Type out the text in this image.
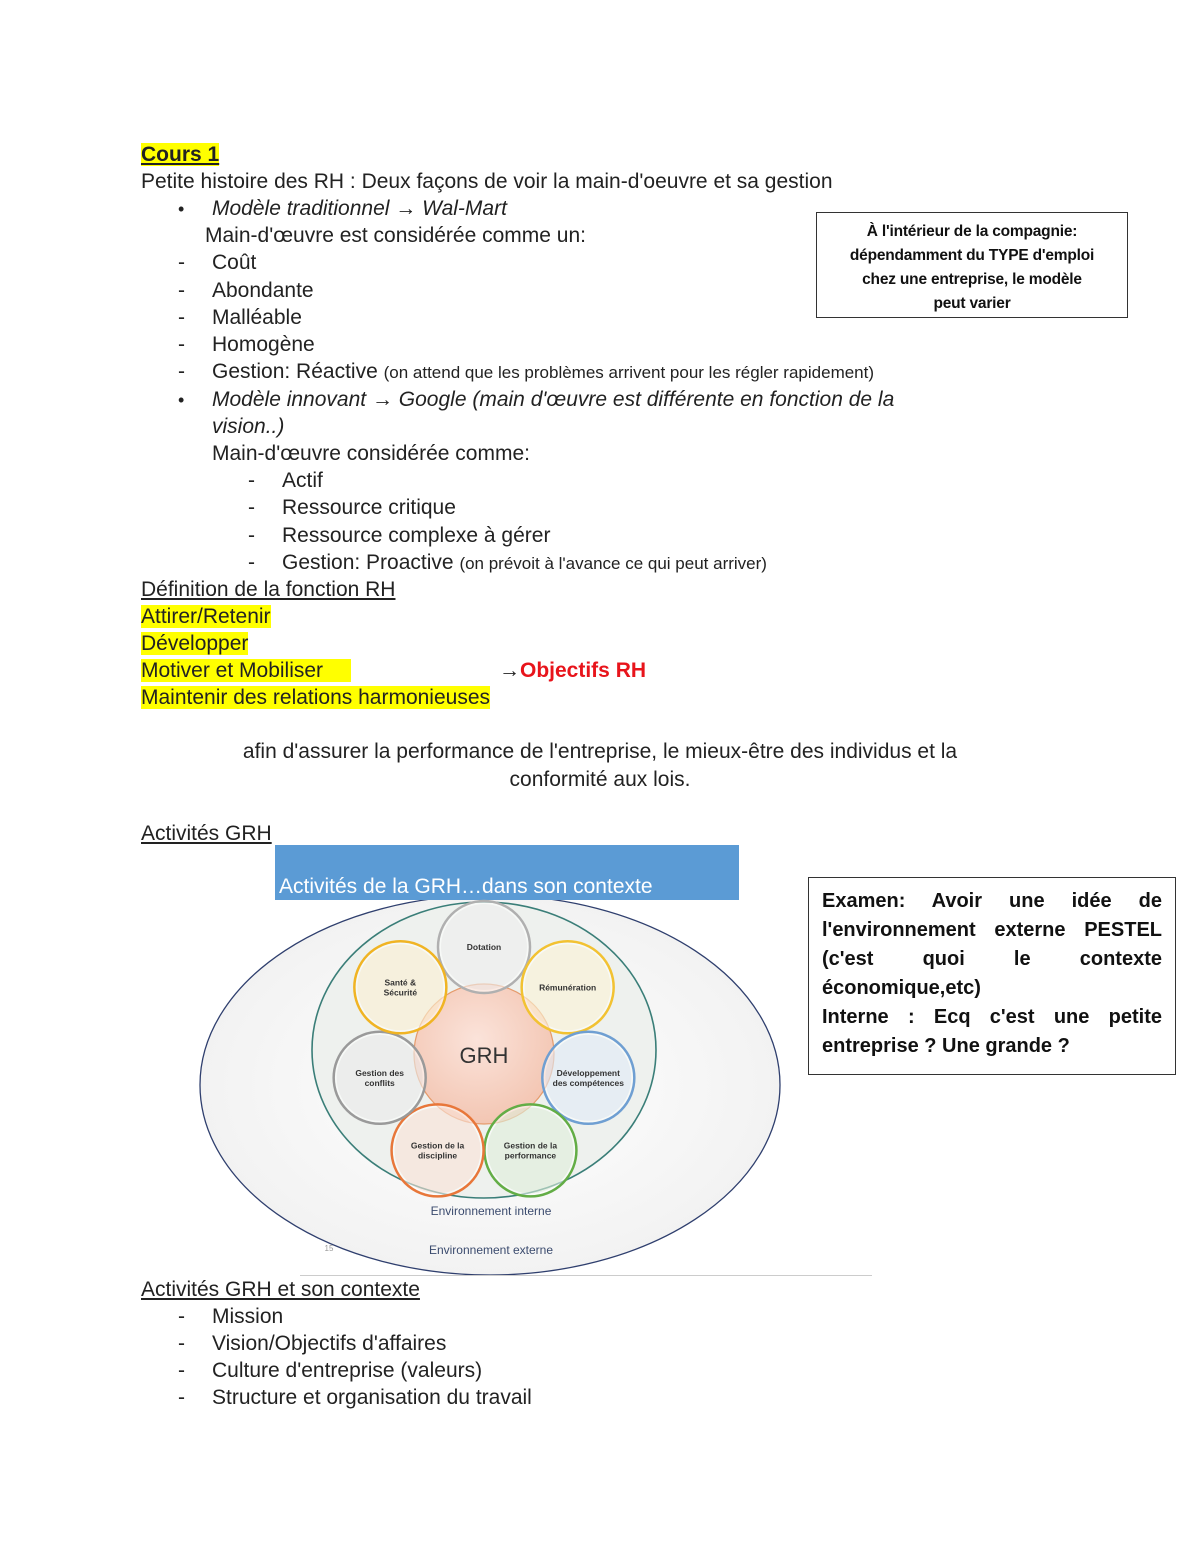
Cours 1
Petite histoire des RH : Deux façons de voir la main-d'oeuvre et sa gestion
• Modèle traditionnel → Wal-Mart
Main-d'œuvre est considérée comme un:
- Coût
- Abondante
- Malléable
- Homogène
- Gestion: Réactive (on attend que les problèmes arrivent pour les régler rapidement)
• Modèle innovant → Google (main d'œuvre est différente en fonction de la
vision..)
Main-d'œuvre considérée comme:
- Actif
- Ressource critique
- Ressource complexe à gérer
- Gestion: Proactive (on prévoit à l'avance ce qui peut arriver)
À l'intérieur de la compagnie:
dépendamment du TYPE d'emploi
chez une entreprise, le modèle
peut varier
Définition de la fonction RH
Attirer/Retenir
Développer
Motiver et Mobiliser	→Objectifs RH
Maintenir des relations harmonieuses
afin d'assurer la performance de l'entreprise, le mieux-être des individus et la
conformité aux lois.
Activités GRH
Activités de la GRH…dans son contexte
Dotation
Rémunération
Développement
des compétences
Gestion de la
performance
Gestion de la
discipline
Gestion des
conflits
Santé &
Sécurité
GRH
Environnement interne
Environnement externe
15
Examen: Avoir une idée de
l'environnement externe PESTEL
(c'est quoi le contexte
économique,etc)
Interne : Ecq c'est une petite
entreprise ? Une grande ?
Activités GRH et son contexte
- Mission
- Vision/Objectifs d'affaires
- Culture d'entreprise (valeurs)
- Structure et organisation du travail
